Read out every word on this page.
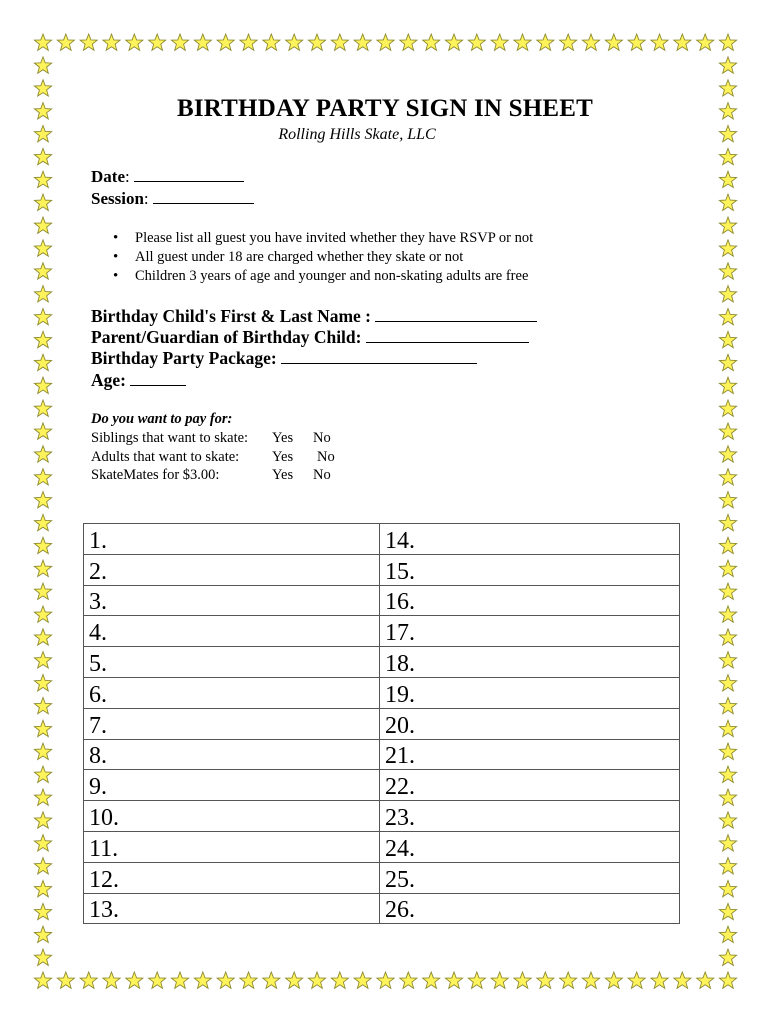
BIRTHDAY PARTY SIGN IN SHEET
Rolling Hills Skate, LLC
Date:
Session:
• Please list all guest you have invited whether they have RSVP or not
• All guest under 18 are charged whether they skate or not
• Children 3 years of age and younger and non-skating adults are free
Birthday Child's First & Last Name :
Parent/Guardian of Birthday Child:
Birthday Party Package:
Age:
Do you want to pay for:
Siblings that want to skate: Yes No
Adults that want to skate: Yes No
SkateMates for $3.00:	Yes No
1.	14.
2.	15.
3.	16.
4.	17.
5.	18.
6.	19.
7.	20.
8.	21.
9.	22.
10.	23.
11.	24.
12.	25.
13.	26.
